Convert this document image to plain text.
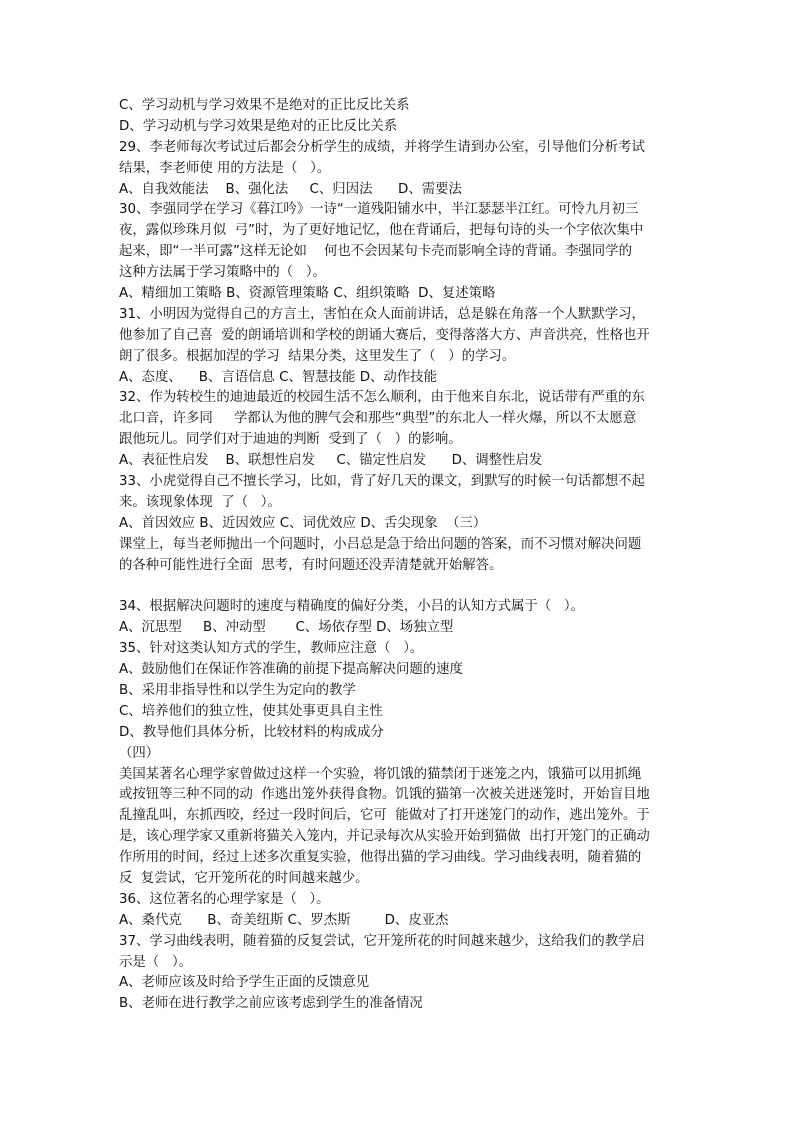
C、学习动机与学习效果不是绝对的正比反比关系
D、学习动机与学习效果是绝对的正比反比关系
29、李老师每次考试过后都会分析学生的成绩，并将学生请到办公室，引导他们分析考试
结果，李老师使 用的方法是（   ）。
A、自我效能法    B、强化法     C、归因法      D、需要法
30、李强同学在学习《暮江吟》一诗“一道残阳铺水中，半江瑟瑟半江红。可怜九月初三
夜，露似珍珠月似  弓”时，为了更好地记忆，他在背诵后，把每句诗的头一个字依次集中
起来，即“一半可露”这样无论如    何也不会因某句卡壳而影响全诗的背诵。李强同学的
这种方法属于学习策略中的（   ）。
A、精细加工策略 B、资源管理策略 C、组织策略  D、复述策略
31、小明因为觉得自己的方言土，害怕在众人面前讲话，总是躲在角落一个人默默学习，
他参加了自己喜  爱的朗诵培训和学校的朗诵大赛后，变得落落大方、声音洪亮，性格也开
朗了很多。根据加涅的学习  结果分类，这里发生了（   ）的学习。
A、态度、    B、言语信息 C、智慧技能 D、动作技能
32、作为转校生的迪迪最近的校园生活不怎么顺利，由于他来自东北，说话带有严重的东
北口音，许多同     学都认为他的脾气会和那些“典型”的东北人一样火爆，所以不太愿意
跟他玩儿。同学们对于迪迪的判断  受到了（   ）的影响。
A、表征性启发    B、联想性启发     C、锚定性启发      D、调整性启发
33、小虎觉得自己不擅长学习，比如，背了好几天的课文，到默写的时候一句话都想不起
来。该现象体现  了（   ）。
A、首因效应 B、近因效应 C、词优效应 D、舌尖现象  （三）
课堂上，每当老师抛出一个问题时，小吕总是急于给出问题的答案，而不习惯对解决问题
的各种可能性进行全面  思考，有时问题还没弄清楚就开始解答。
34、根据解决问题时的速度与精确度的偏好分类，小吕的认知方式属于（   ）。
A、沉思型     B、冲动型       C、场依存型 D、场独立型
35、针对这类认知方式的学生，教师应注意（   ）。
A、鼓励他们在保证作答准确的前提下提高解决问题的速度
B、采用非指导性和以学生为定向的教学
C、培养他们的独立性，使其处事更具自主性
D、教导他们具体分析，比较材料的构成成分
（四）
美国某著名心理学家曾做过这样一个实验，将饥饿的猫禁闭于迷笼之内，饿猫可以用抓绳
或按钮等三种不同的动  作逃出笼外获得食物。饥饿的猫第一次被关进迷笼时，开始盲目地
乱撞乱叫，东抓西咬，经过一段时间后，它可  能做对了打开迷笼门的动作，逃出笼外。于
是，该心理学家又重新将猫关入笼内，并记录每次从实验开始到猫做  出打开笼门的正确动
作所用的时间，经过上述多次重复实验，他得出猫的学习曲线。学习曲线表明，随着猫的
反  复尝试，它开笼所花的时间越来越少。
36、这位著名的心理学家是（   ）。
A、桑代克      B、奇美纽斯 C、罗杰斯        D、皮亚杰
37、学习曲线表明，随着猫的反复尝试，它开笼所花的时间越来越少，这给我们的教学启
示是（   ）。
A、老师应该及时给予学生正面的反馈意见
B、老师在进行教学之前应该考虑到学生的准备情况
